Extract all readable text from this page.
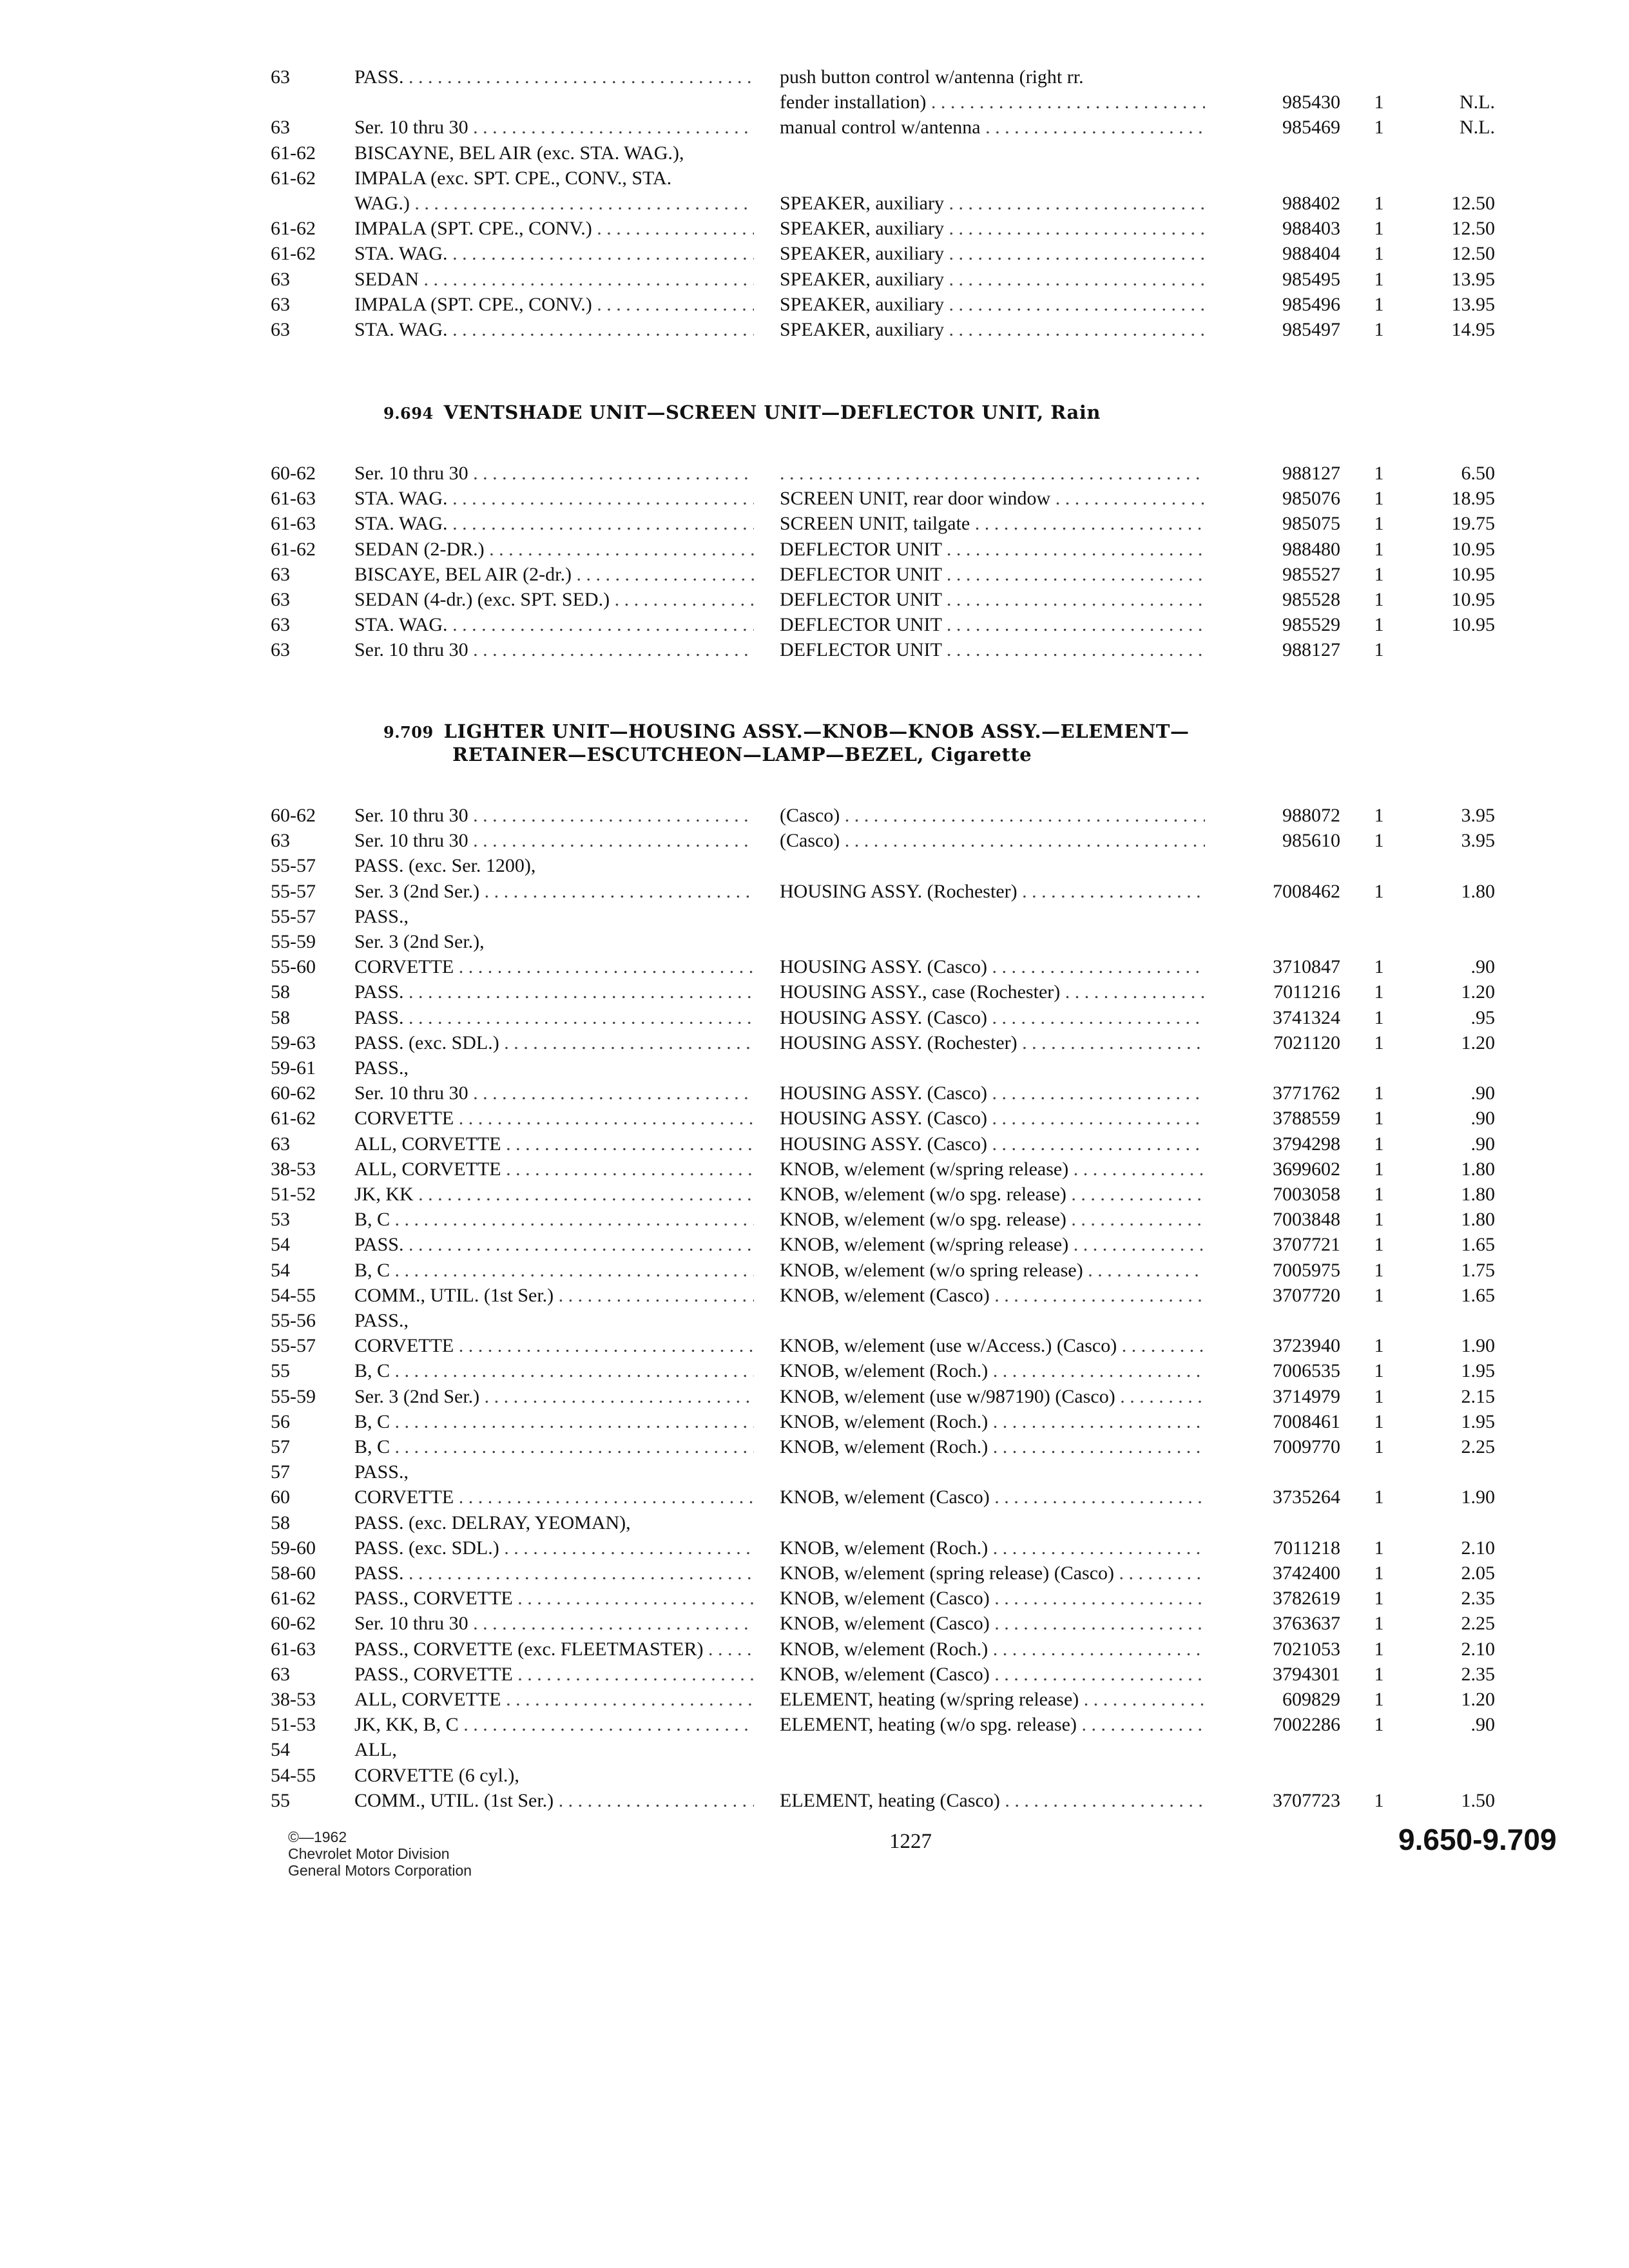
63	PASS. . . .	push button control w/antenna (right rr.
fender installation) . . .	985430	1	N.L.
63	Ser. 10 thru 30 . . .	manual control w/antenna . . .	985469	1	N.L.
61-62	BISCAYNE, BEL AIR (exc. STA. WAG.),
61-62	IMPALA (exc. SPT. CPE., CONV., STA.
WAG.) . . .	SPEAKER, auxiliary . . .	988402	1	12.50
61-62	IMPALA (SPT. CPE., CONV.) . . .	SPEAKER, auxiliary . . .	988403	1	12.50
61-62	STA. WAG. . . .	SPEAKER, auxiliary . . .	988404	1	12.50
63	SEDAN . . .	SPEAKER, auxiliary . . .	985495	1	13.95
63	IMPALA (SPT. CPE., CONV.) . . .	SPEAKER, auxiliary . . .	985496	1	13.95
63	STA. WAG. . . .	SPEAKER, auxiliary . . .	985497	1	14.95
9.694 VENTSHADE UNIT—SCREEN UNIT—DEFLECTOR UNIT, Rain
60-62	Ser. 10 thru 30 . . .
. . .	988127	1	6.50
61-63	STA. WAG. . . .	SCREEN UNIT, rear door window . . .	985076	1	18.95
61-63	STA. WAG. . . .	SCREEN UNIT, tailgate . . .	985075	1	19.75
61-62	SEDAN (2-DR.) . . .	DEFLECTOR UNIT . . .	988480	1	10.95
63	BISCAYE, BEL AIR (2-dr.) . . .	DEFLECTOR UNIT . . .	985527	1	10.95
63	SEDAN (4-dr.) (exc. SPT. SED.) . . .	DEFLECTOR UNIT . . .	985528	1	10.95
63	STA. WAG. . . .	DEFLECTOR UNIT . . .	985529	1	10.95
63	Ser. 10 thru 30 . . .	DEFLECTOR UNIT . . .	988127	1
9.709 LIGHTER UNIT—HOUSING ASSY.—KNOB—KNOB ASSY.—ELEMENT—
RETAINER—ESCUTCHEON—LAMP—BEZEL, Cigarette
60-62	Ser. 10 thru 30 . . .	(Casco) . . .	988072	1	3.95
63	Ser. 10 thru 30 . . .	(Casco) . . .	985610	1	3.95
55-57	PASS. (exc. Ser. 1200),
55-57	Ser. 3 (2nd Ser.) . . .	HOUSING ASSY. (Rochester) . . .	7008462	1	1.80
55-57	PASS.,
55-59	Ser. 3 (2nd Ser.),
55-60	CORVETTE . . .	HOUSING ASSY. (Casco) . . .	3710847	1	.90
58	PASS. . . .	HOUSING ASSY., case (Rochester) . . .	7011216	1	1.20
58	PASS. . . .	HOUSING ASSY. (Casco) . . .	3741324	1	.95
59-63	PASS. (exc. SDL.) . . .	HOUSING ASSY. (Rochester) . . .	7021120	1	1.20
59-61	PASS.,
60-62	Ser. 10 thru 30 . . .	HOUSING ASSY. (Casco) . . .	3771762	1	.90
61-62	CORVETTE . . .	HOUSING ASSY. (Casco) . . .	3788559	1	.90
63	ALL, CORVETTE . . .	HOUSING ASSY. (Casco) . . .	3794298	1	.90
38-53	ALL, CORVETTE . . .	KNOB, w/element (w/spring release) . . .	3699602	1	1.80
51-52	JK, KK . . .	KNOB, w/element (w/o spg. release) . . .	7003058	1	1.80
53	B, C . . .	KNOB, w/element (w/o spg. release) . . .	7003848	1	1.80
54	PASS. . . .	KNOB, w/element (w/spring release) . . .	3707721	1	1.65
54	B, C . . .	KNOB, w/element (w/o spring release) . . .	7005975	1	1.75
54-55	COMM., UTIL. (1st Ser.) . . .	KNOB, w/element (Casco) . . .	3707720	1	1.65
55-56	PASS.,
55-57	CORVETTE . . .	KNOB, w/element (use w/Access.) (Casco) . . .	3723940	1	1.90
55	B, C . . .	KNOB, w/element (Roch.) . . .	7006535	1	1.95
55-59	Ser. 3 (2nd Ser.) . . .	KNOB, w/element (use w/987190) (Casco) . . .	3714979	1	2.15
56	B, C . . .	KNOB, w/element (Roch.) . . .	7008461	1	1.95
57	B, C . . .	KNOB, w/element (Roch.) . . .	7009770	1	2.25
57	PASS.,
60	CORVETTE . . .	KNOB, w/element (Casco) . . .	3735264	1	1.90
58	PASS. (exc. DELRAY, YEOMAN),
59-60	PASS. (exc. SDL.) . . .	KNOB, w/element (Roch.) . . .	7011218	1	2.10
58-60	PASS. . . .	KNOB, w/element (spring release) (Casco) . . .	3742400	1	2.05
61-62	PASS., CORVETTE . . .	KNOB, w/element (Casco) . . .	3782619	1	2.35
60-62	Ser. 10 thru 30 . . .	KNOB, w/element (Casco) . . .	3763637	1	2.25
61-63	PASS., CORVETTE (exc. FLEETMASTER) . . .	KNOB, w/element (Roch.) . . .	7021053	1	2.10
63	PASS., CORVETTE . . .	KNOB, w/element (Casco) . . .	3794301	1	2.35
38-53	ALL, CORVETTE . . .	ELEMENT, heating (w/spring release) . . .	609829	1	1.20
51-53	JK, KK, B, C . . .	ELEMENT, heating (w/o spg. release) . . .	7002286	1	.90
54	ALL,
54-55	CORVETTE (6 cyl.),
55	COMM., UTIL. (1st Ser.) . . .	ELEMENT, heating (Casco) . . .	3707723	1	1.50
©—1962
Chevrolet Motor Division
General Motors Corporation
1227	9.650-9.709
